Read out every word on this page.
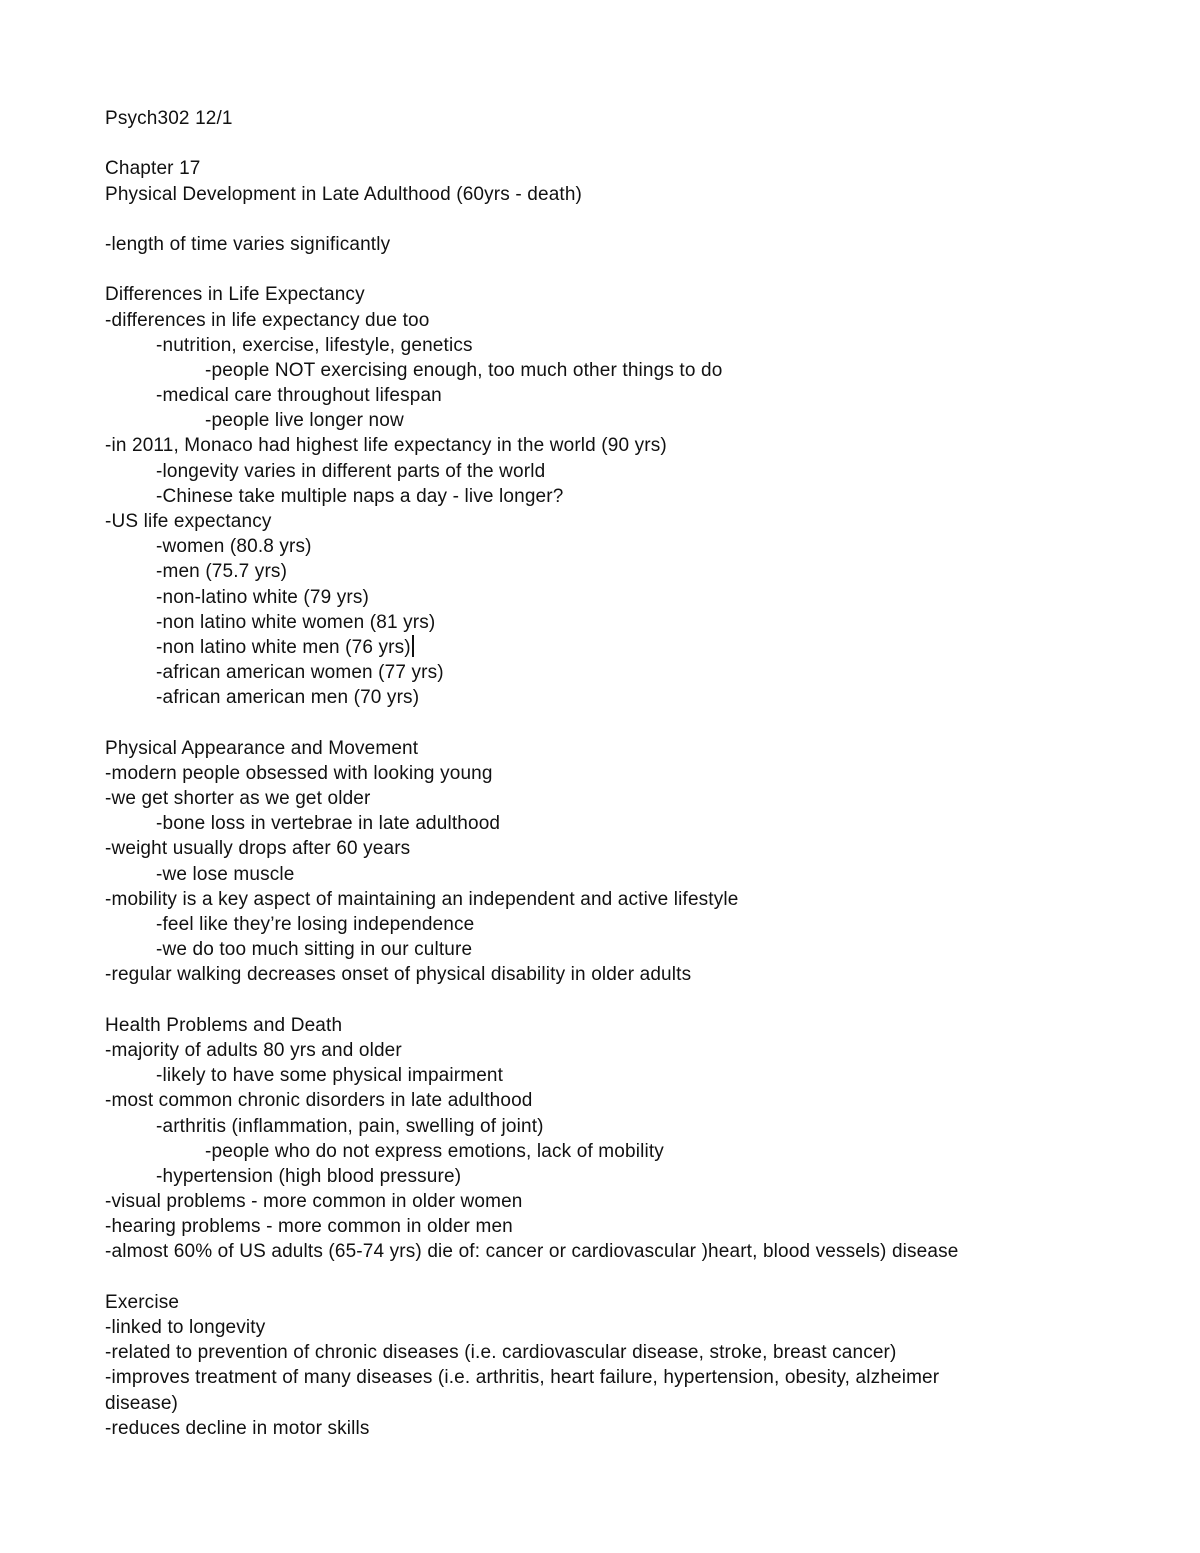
Psych302 12/1
Chapter 17
Physical Development in Late Adulthood (60yrs - death)
-length of time varies significantly
Differences in Life Expectancy
-differences in life expectancy due too
-nutrition, exercise, lifestyle, genetics
-people NOT exercising enough, too much other things to do
-medical care throughout lifespan
-people live longer now
-in 2011, Monaco had highest life expectancy in the world (90 yrs)
-longevity varies in different parts of the world
-Chinese take multiple naps a day - live longer?
-US life expectancy
-women (80.8 yrs)
-men (75.7 yrs)
-non-latino white (79 yrs)
-non latino white women (81 yrs)
-non latino white men (76 yrs)
-african american women (77 yrs)
-african american men (70 yrs)
Physical Appearance and Movement
-modern people obsessed with looking young
-we get shorter as we get older
-bone loss in vertebrae in late adulthood
-weight usually drops after 60 years
-we lose muscle
-mobility is a key aspect of maintaining an independent and active lifestyle
-feel like they’re losing independence
-we do too much sitting in our culture
-regular walking decreases onset of physical disability in older adults
Health Problems and Death
-majority of adults 80 yrs and older
-likely to have some physical impairment
-most common chronic disorders in late adulthood
-arthritis (inflammation, pain, swelling of joint)
-people who do not express emotions, lack of mobility
-hypertension (high blood pressure)
-visual problems - more common in older women
-hearing problems - more common in older men
-almost 60% of US adults (65-74 yrs) die of: cancer or cardiovascular )heart, blood vessels) disease
Exercise
-linked to longevity
-related to prevention of chronic diseases (i.e. cardiovascular disease, stroke, breast cancer)
-improves treatment of many diseases (i.e. arthritis, heart failure, hypertension, obesity, alzheimer
disease)
-reduces decline in motor skills
